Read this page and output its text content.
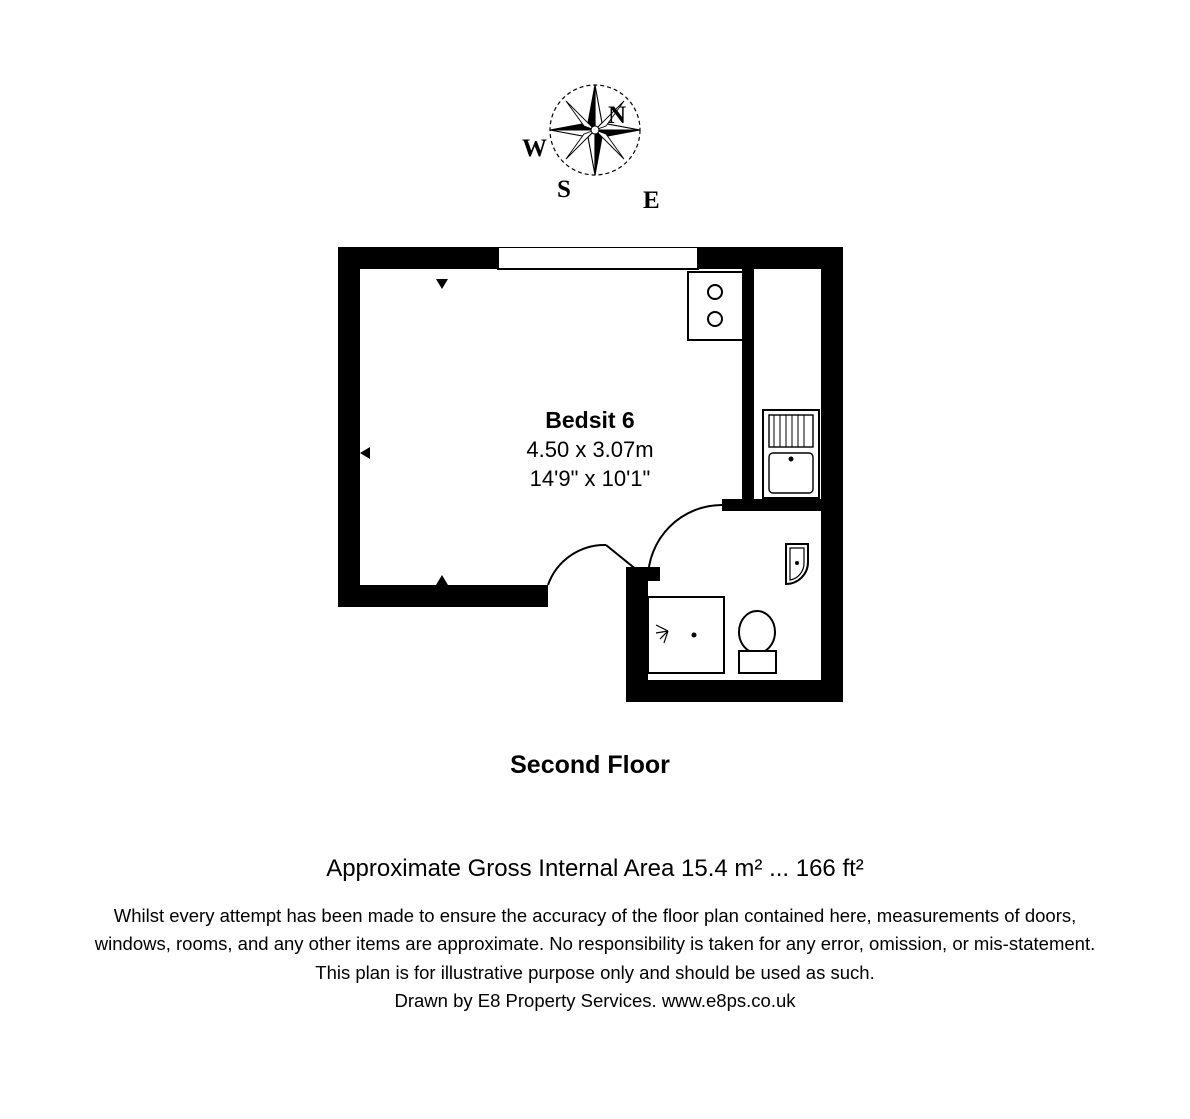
N
S
W
E
Bedsit 6
4.50 x 3.07m
14'9" x 10'1"
Second Floor
Approximate Gross Internal Area 15.4 m² ... 166 ft²

Whilst every attempt has been made to ensure the accuracy of the floor plan contained here, measurements of doors,

windows, rooms, and any other items are approximate. No responsibility is taken for any error, omission, or mis-statement.

This plan is for illustrative purpose only and should be used as such.

Drawn by E8 Property Services. www.e8ps.co.uk
